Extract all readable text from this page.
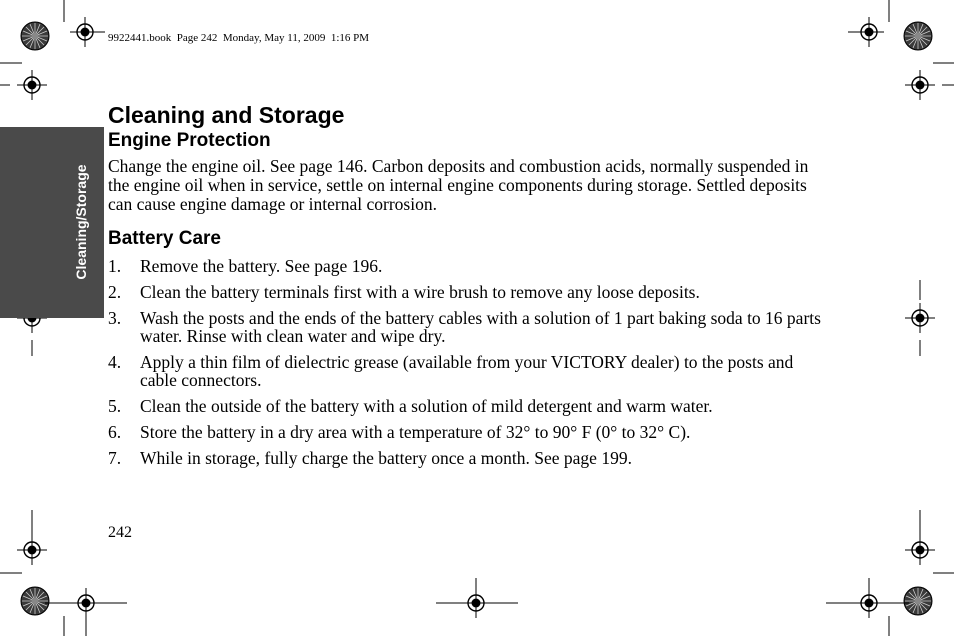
9922441.book  Page 242  Monday, May 11, 2009  1:16 PM
Cleaning/Storage
Cleaning and Storage
Engine Protection

Change the engine oil. See page 146. Carbon deposits and combustion acids, normally suspended in the engine oil when in service, settle on internal engine components during storage. Settled deposits can cause engine damage or internal corrosion.

Battery Care
1. Remove the battery. See page 196.
2. Clean the battery terminals first with a wire brush to remove any loose deposits.
3. Wash the posts and the ends of the battery cables with a solution of 1 part baking soda to 16 parts water. Rinse with clean water and wipe dry.
4. Apply a thin film of dielectric grease (available from your VICTORY dealer) to the posts and cable connectors.
5. Clean the outside of the battery with a solution of mild detergent and warm water.
6. Store the battery in a dry area with a temperature of 32° to 90° F (0° to 32° C).
7. While in storage, fully charge the battery once a month. See page 199.
242
